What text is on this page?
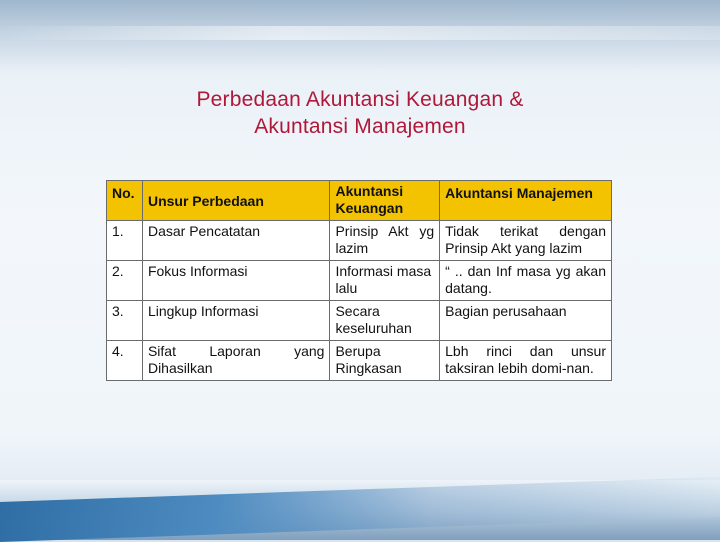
Perbedaan Akuntansi Keuangan &
Akuntansi Manajemen
No.	Unsur Perbedaan	Akuntansi Keuangan	Akuntansi Manajemen
1.	Dasar Pencatatan	Prinsip Akt yg lazim	Tidak terikat dengan Prinsip Akt yang lazim
2.	Fokus Informasi	Informasi masa lalu	“ .. dan Inf masa yg akan datang.
3.	Lingkup Informasi	Secara keseluruhan	Bagian perusahaan
4.	Sifat Laporan yang Dihasilkan	Berupa Ringkasan	Lbh rinci dan unsur taksiran lebih domi-nan.
